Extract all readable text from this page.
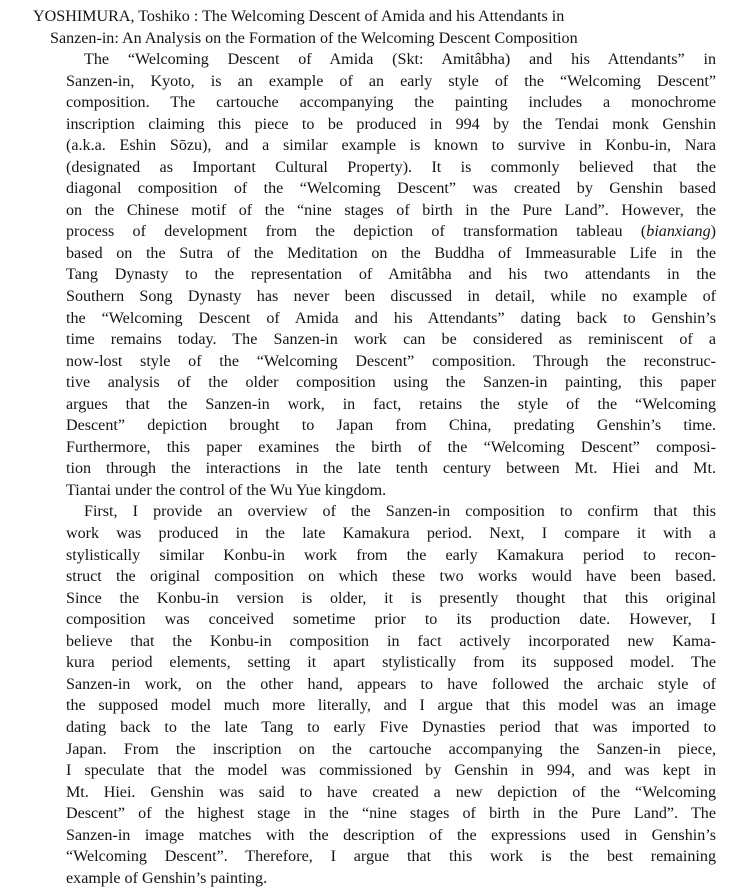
YOSHIMURA, Toshiko : The Welcoming Descent of Amida and his Attendants in
Sanzen-in: An Analysis on the Formation of the Welcoming Descent Composition
The “Welcoming Descent of Amida (Skt: Amitâbha) and his Attendants” in
Sanzen-in, Kyoto, is an example of an early style of the “Welcoming Descent”
composition. The cartouche accompanying the painting includes a monochrome
inscription claiming this piece to be produced in 994 by the Tendai monk Genshin
(a.k.a. Eshin Sōzu), and a similar example is known to survive in Konbu-in, Nara
(designated as Important Cultural Property). It is commonly believed that the
diagonal composition of the “Welcoming Descent” was created by Genshin based
on the Chinese motif of the “nine stages of birth in the Pure Land”. However, the
process of development from the depiction of transformation tableau (bianxiang)
based on the Sutra of the Meditation on the Buddha of Immeasurable Life in the
Tang Dynasty to the representation of Amitâbha and his two attendants in the
Southern Song Dynasty has never been discussed in detail, while no example of
the “Welcoming Descent of Amida and his Attendants” dating back to Genshin’s
time remains today. The Sanzen-in work can be considered as reminiscent of a
now-lost style of the “Welcoming Descent” composition. Through the reconstruc-
tive analysis of the older composition using the Sanzen-in painting, this paper
argues that the Sanzen-in work, in fact, retains the style of the “Welcoming
Descent” depiction brought to Japan from China, predating Genshin’s time.
Furthermore, this paper examines the birth of the “Welcoming Descent” composi-
tion through the interactions in the late tenth century between Mt. Hiei and Mt.
Tiantai under the control of the Wu Yue kingdom.
First, I provide an overview of the Sanzen-in composition to confirm that this
work was produced in the late Kamakura period. Next, I compare it with a
stylistically similar Konbu-in work from the early Kamakura period to recon-
struct the original composition on which these two works would have been based.
Since the Konbu-in version is older, it is presently thought that this original
composition was conceived sometime prior to its production date. However, I
believe that the Konbu-in composition in fact actively incorporated new Kama-
kura period elements, setting it apart stylistically from its supposed model. The
Sanzen-in work, on the other hand, appears to have followed the archaic style of
the supposed model much more literally, and I argue that this model was an image
dating back to the late Tang to early Five Dynasties period that was imported to
Japan. From the inscription on the cartouche accompanying the Sanzen-in piece,
I speculate that the model was commissioned by Genshin in 994, and was kept in
Mt. Hiei. Genshin was said to have created a new depiction of the “Welcoming
Descent” of the highest stage in the “nine stages of birth in the Pure Land”. The
Sanzen-in image matches with the description of the expressions used in Genshin’s
“Welcoming Descent”. Therefore, I argue that this work is the best remaining
example of Genshin’s painting.
